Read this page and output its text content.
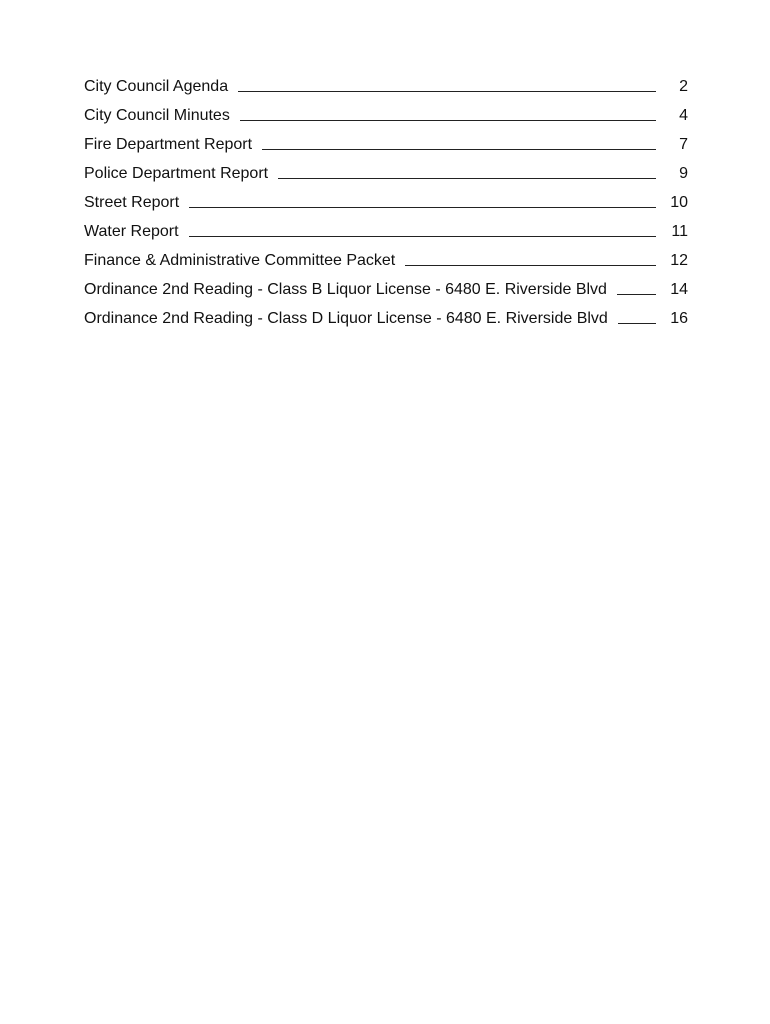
City Council Agenda	2
City Council Minutes	4
Fire Department Report	7
Police Department Report	9
Street Report	10
Water Report	11
Finance & Administrative Committee Packet	12
Ordinance 2nd Reading - Class B Liquor License - 6480 E. Riverside Blvd	14
Ordinance 2nd Reading - Class D Liquor License - 6480 E. Riverside Blvd	16
